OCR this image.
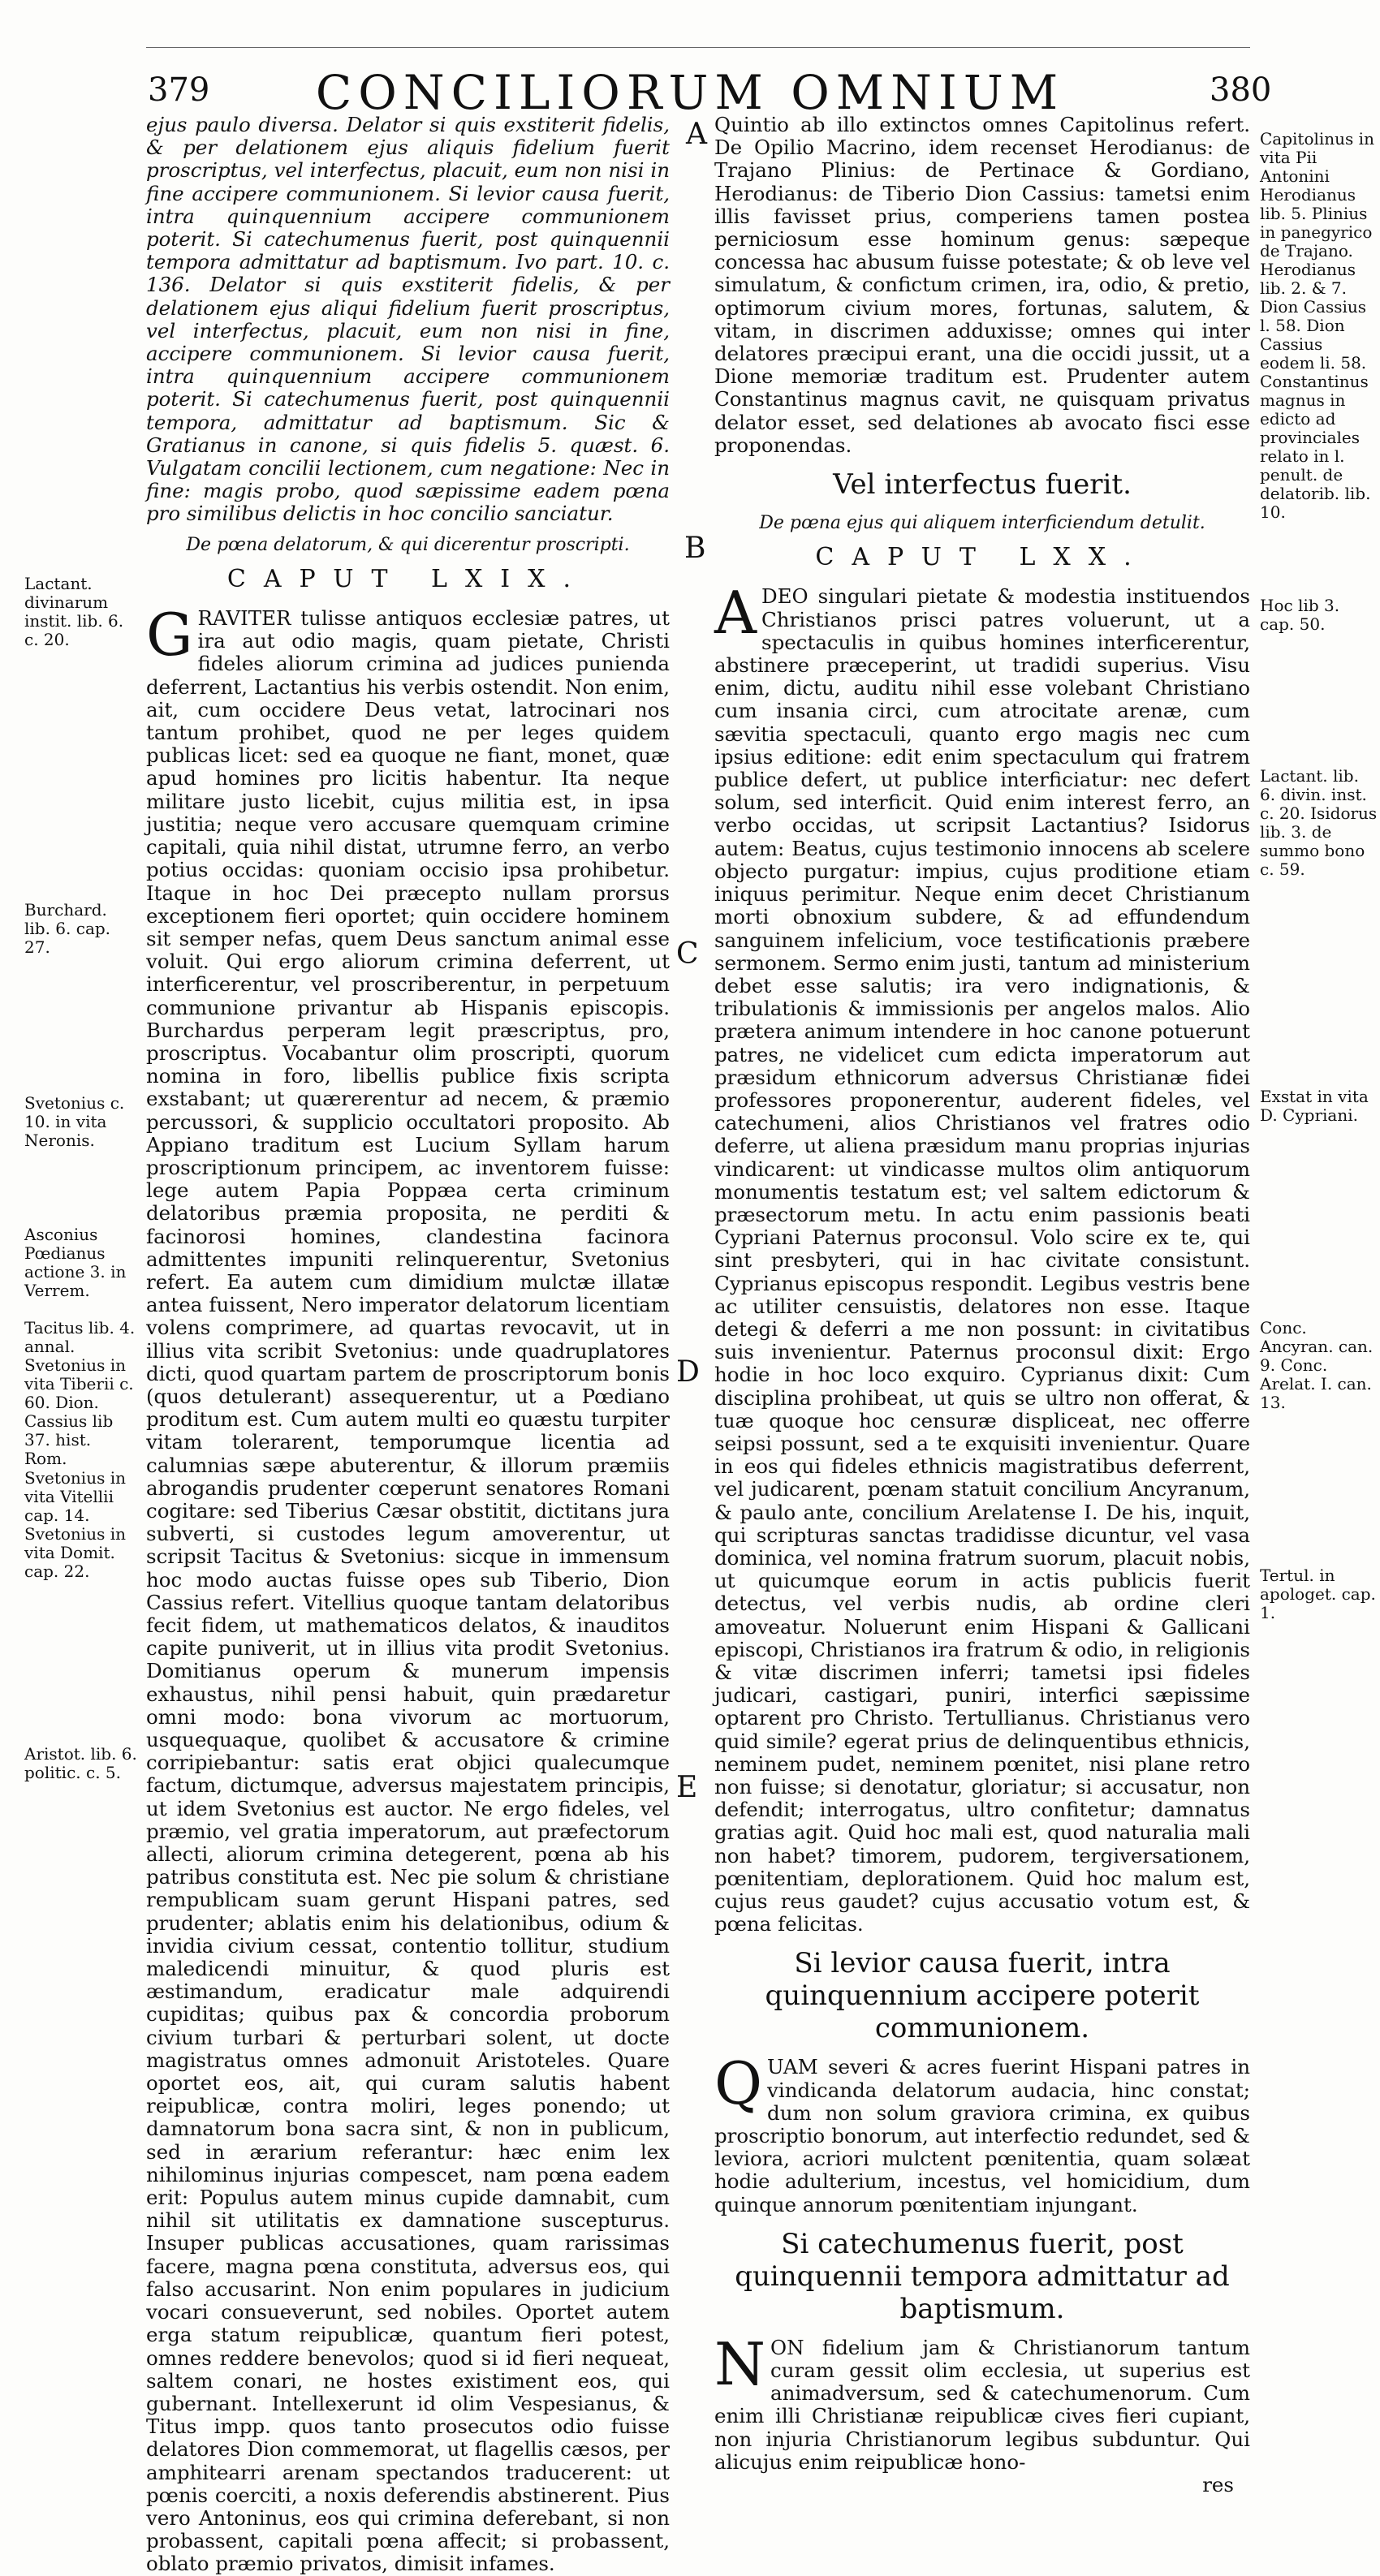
379	CONCILIORUM OMNIUM	380
A
B
C
D
E

ejus paulo diversa. Delator si quis exstiterit fidelis, & per delationem ejus aliquis fidelium fuerit proscriptus, vel interfectus, placuit, eum non nisi in fine accipere communionem. Si levior causa fuerit, intra quinquennium accipere communionem poterit. Si catechumenus fuerit, post quinquennii tempora admittatur ad baptismum. Ivo part. 10. c. 136. Delator si quis exstiterit fidelis, & per delationem ejus aliqui fidelium fuerit proscriptus, vel interfectus, placuit, eum non nisi in fine, accipere communionem. Si levior causa fuerit, intra quinquennium accipere communionem poterit. Si catechumenus fuerit, post quinquennii tempora, admittatur ad baptismum. Sic & Gratianus in canone, si quis fidelis 5. quæst. 6. Vulgatam concilii lectionem, cum negatione: Nec in fine: magis probo, quod sæpissime eadem pœna pro similibus delictis in hoc concilio sanciatur.

De pœna delatorum, & qui dicerentur proscripti.
CAPUT LXIX.

G RAVITER tulisse antiquos ecclesiæ patres, ut ira aut odio magis, quam pietate, Christi fideles aliorum crimina ad judices punienda deferrent, Lactantius his verbis ostendit. Non enim, ait, cum occidere Deus vetat, latrocinari nos tantum prohibet, quod ne per leges quidem publicas licet: sed ea quoque ne fiant, monet, quæ apud homines pro licitis habentur. Ita neque militare justo licebit, cujus militia est, in ipsa justitia; neque vero accusare quemquam crimine capitali, quia nihil distat, utrumne ferro, an verbo potius occidas: quoniam occisio ipsa prohibetur. Itaque in hoc Dei præcepto nullam prorsus exceptionem fieri oportet; quin occidere hominem sit semper nefas, quem Deus sanctum animal esse voluit. Qui ergo aliorum crimina deferrent, ut interficerentur, vel proscriberentur, in perpetuum communione privantur ab Hispanis episcopis. Burchardus perperam legit præscriptus, pro, proscriptus. Vocabantur olim proscripti, quorum nomina in foro, libellis publice fixis scripta exstabant; ut quærerentur ad necem, & præmio percussori, & supplicio occultatori proposito. Ab Appiano traditum est Lucium Syllam harum proscriptionum principem, ac inventorem fuisse: lege autem Papia Poppæa certa criminum delatoribus præmia proposita, ne perditi & facinorosi homines, clandestina facinora admittentes impuniti relinquerentur, Svetonius refert. Ea autem cum dimidium mulctæ illatæ antea fuissent, Nero imperator delatorum licentiam volens comprimere, ad quartas revocavit, ut in illius vita scribit Svetonius: unde quadruplatores dicti, quod quartam partem de proscriptorum bonis (quos detulerant) assequerentur, ut a Pœdiano proditum est. Cum autem multi eo quæstu turpiter vitam tolerarent, temporumque licentia ad calumnias sæpe abuterentur, & illorum præmiis abrogandis prudenter cœperunt senatores Romani cogitare: sed Tiberius Cæsar obstitit, dictitans jura subverti, si custodes legum amoverentur, ut scripsit Tacitus & Svetonius: sicque in immensum hoc modo auctas fuisse opes sub Tiberio, Dion Cassius refert. Vitellius quoque tantam delatoribus fecit fidem, ut mathematicos delatos, & inauditos capite puniverit, ut in illius vita prodit Svetonius. Domitianus operum & munerum impensis exhaustus, nihil pensi habuit, quin prædaretur omni modo: bona vivorum ac mortuorum, usquequaque, quolibet & accusatore & crimine corripiebantur: satis erat objici qualecumque factum, dictumque, adversus majestatem principis, ut idem Svetonius est auctor. Ne ergo fideles, vel præmio, vel gratia imperatorum, aut præfectorum allecti, aliorum crimina detegerent, pœna ab his patribus constituta est. Nec pie solum & christiane rempublicam suam gerunt Hispani patres, sed prudenter; ablatis enim his delationibus, odium & invidia civium cessat, contentio tollitur, studium maledicendi minuitur, & quod pluris est æstimandum, eradicatur male adquirendi cupiditas; quibus pax & concordia proborum civium turbari & perturbari solent, ut docte magistratus omnes admonuit Aristoteles. Quare oportet eos, ait, qui curam salutis habent reipublicæ, contra moliri, leges ponendo; ut damnatorum bona sacra sint, & non in publicum, sed in ærarium referantur: hæc enim lex nihilominus injurias compescet, nam pœna eadem erit: Populus autem minus cupide damnabit, cum nihil sit utilitatis ex damnatione suscepturus. Insuper publicas accusationes, quam rarissimas facere, magna pœna constituta, adversus eos, qui falso accusarint. Non enim populares in judicium vocari consueverunt, sed nobiles. Oportet autem erga statum reipublicæ, quantum fieri potest, omnes reddere benevolos; quod si id fieri nequeat, saltem conari, ne hostes existiment eos, qui gubernant. Intellexerunt id olim Vespesianus, & Titus impp. quos tanto prosecutos odio fuisse delatores Dion commemorat, ut flagellis cæsos, per amphitearri arenam spectandos traducerent: ut pœnis coerciti, a noxis deferendis abstinerent. Pius vero Antoninus, eos qui crimina deferebant, si non probassent, capitali pœna affecit; si probassent, oblato præmio privatos, dimisit infames.

Quintio ab illo extinctos omnes Capitolinus refert. De Opilio Macrino, idem recenset Herodianus: de Trajano Plinius: de Pertinace & Gordiano, Herodianus: de Tiberio Dion Cassius: tametsi enim illis favisset prius, comperiens tamen postea perniciosum esse hominum genus: sæpeque concessa hac abusum fuisse potestate; & ob leve vel simulatum, & confictum crimen, ira, odio, & pretio, optimorum civium mores, fortunas, salutem, & vitam, in discrimen adduxisse; omnes qui inter delatores præcipui erant, una die occidi jussit, ut a Dione memoriæ traditum est. Prudenter autem Constantinus magnus cavit, ne quisquam privatus delator esset, sed delationes ab avocato fisci esse proponendas.

Vel interfectus fuerit.
De pœna ejus qui aliquem interficiendum detulit.
CAPUT LXX.

A DEO singulari pietate & modestia instituendos Christianos prisci patres voluerunt, ut a spectaculis in quibus homines interficerentur, abstinere præceperint, ut tradidi superius. Visu enim, dictu, auditu nihil esse volebant Christiano cum insania circi, cum atrocitate arenæ, cum sævitia spectaculi, quanto ergo magis nec cum ipsius editione: edit enim spectaculum qui fratrem publice defert, ut publice interficiatur: nec defert solum, sed interficit. Quid enim interest ferro, an verbo occidas, ut scripsit Lactantius? Isidorus autem: Beatus, cujus testimonio innocens ab scelere objecto purgatur: impius, cujus proditione etiam iniquus perimitur. Neque enim decet Christianum morti obnoxium subdere, & ad effundendum sanguinem infelicium, voce testificationis præbere sermonem. Sermo enim justi, tantum ad ministerium debet esse salutis; ira vero indignationis, & tribulationis & immissionis per angelos malos. Alio prætera animum intendere in hoc canone potuerunt patres, ne videlicet cum edicta imperatorum aut præsidum ethnicorum adversus Christianæ fidei professores proponerentur, auderent fideles, vel catechumeni, alios Christianos vel fratres odio deferre, ut aliena præsidum manu proprias injurias vindicarent: ut vindicasse multos olim antiquorum monumentis testatum est; vel saltem edictorum & præsectorum metu. In actu enim passionis beati Cypriani Paternus proconsul. Volo scire ex te, qui sint presbyteri, qui in hac civitate consistunt. Cyprianus episcopus respondit. Legibus vestris bene ac utiliter censuistis, delatores non esse. Itaque detegi & deferri a me non possunt: in civitatibus suis invenientur. Paternus proconsul dixit: Ergo hodie in hoc loco exquiro. Cyprianus dixit: Cum disciplina prohibeat, ut quis se ultro non offerat, & tuæ quoque hoc censuræ displiceat, nec offerre seipsi possunt, sed a te exquisiti invenientur. Quare in eos qui fideles ethnicis magistratibus deferrent, vel judicarent, pœnam statuit concilium Ancyranum, & paulo ante, concilium Arelatense I. De his, inquit, qui scripturas sanctas tradidisse dicuntur, vel vasa dominica, vel nomina fratrum suorum, placuit nobis, ut quicumque eorum in actis publicis fuerit detectus, vel verbis nudis, ab ordine cleri amoveatur. Noluerunt enim Hispani & Gallicani episcopi, Christianos ira fratrum & odio, in religionis & vitæ discrimen inferri; tametsi ipsi fideles judicari, castigari, puniri, interfici sæpissime optarent pro Christo. Tertullianus. Christianus vero quid simile? egerat prius de delinquentibus ethnicis, neminem pudet, neminem pœnitet, nisi plane retro non fuisse; si denotatur, gloriatur; si accusatur, non defendit; interrogatus, ultro confitetur; damnatus gratias agit. Quid hoc mali est, quod naturalia mali non habet? timorem, pudorem, tergiversationem, pœnitentiam, deplorationem. Quid hoc malum est, cujus reus gaudet? cujus accusatio votum est, & pœna felicitas.

Si levior causa fuerit, intra quinquennium accipere poterit communionem.

Q UAM severi & acres fuerint Hispani patres in vindicanda delatorum audacia, hinc constat; dum non solum graviora crimina, ex quibus proscriptio bonorum, aut interfectio redundet, sed & leviora, acriori mulctent pœnitentia, quam solæat hodie adulterium, incestus, vel homicidium, dum quinque annorum pœnitentiam injungant.

Si catechumenus fuerit, post quinquennii tempora admittatur ad baptismum.

N ON fidelium jam & Christianorum tantum curam gessit olim ecclesia, ut superius est animadversum, sed & catechumenorum. Cum enim illi Christianæ reipublicæ cives fieri cupiant, non injuria Christianorum legibus subduntur. Qui alicujus enim reipublicæ hono-

res
Lactant. divinarum instit. lib. 6. c. 20.
Burchard. lib. 6. cap. 27.
Svetonius c. 10. in vita Neronis.
Asconius Pœdianus actione 3. in Verrem.
Tacitus lib. 4. annal. Svetonius in vita Tiberii c. 60. Dion. Cassius lib 37. hist. Rom.
Svetonius in vita Vitellii cap. 14. Svetonius in vita Domit. cap. 22.
Aristot. lib. 6. politic. c. 5.
Capitolinus in vita Pii Antonini Herodianus lib. 5. Plinius in panegyrico de Trajano. Herodianus lib. 2. & 7. Dion Cassius l. 58. Dion Cassius eodem li. 58. Constantinus magnus in edicto ad provinciales relato in l. penult. de delatorib. lib. 10.
Hoc lib 3. cap. 50.
Lactant. lib. 6. divin. inst. c. 20. Isidorus lib. 3. de summo bono c. 59.
Exstat in vita D. Cypriani.
Conc. Ancyran. can. 9. Conc. Arelat. I. can. 13.
Tertul. in apologet. cap. 1.
